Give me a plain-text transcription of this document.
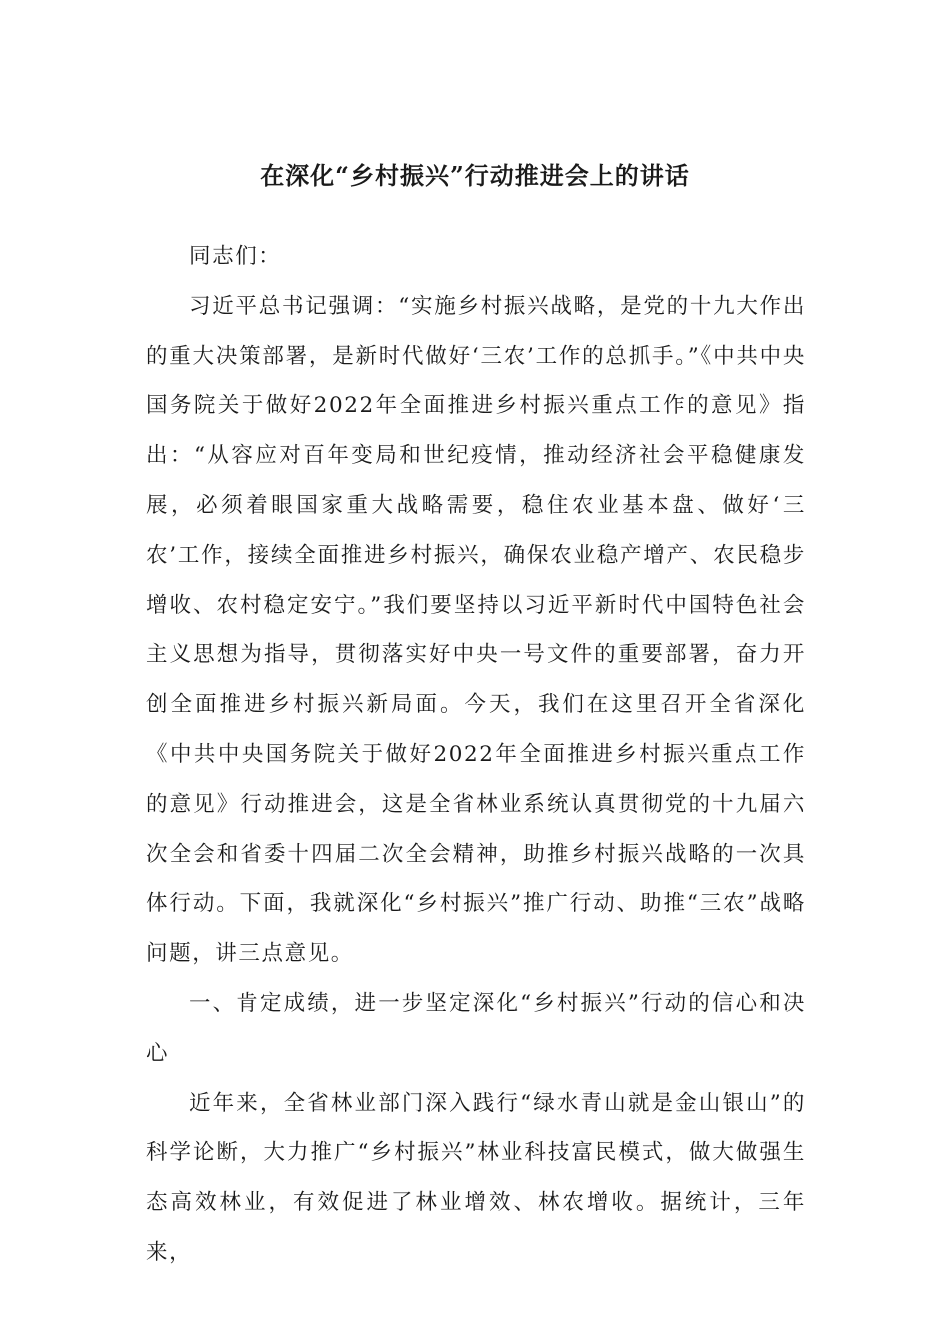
在深化“乡村振兴”行动推进会上的讲话

同志们：

习近平总书记强调：“实施乡村振兴战略，是党的十九大作出的重大决策部署，是新时代做好‘三农’工作的总抓手。”《中共中央国务院关于做好2022年全面推进乡村振兴重点工作的意见》指出：“从容应对百年变局和世纪疫情，推动经济社会平稳健康发展，必须着眼国家重大战略需要，稳住农业基本盘、做好‘三农’工作，接续全面推进乡村振兴，确保农业稳产增产、农民稳步增收、农村稳定安宁。”我们要坚持以习近平新时代中国特色社会主义思想为指导，贯彻落实好中央一号文件的重要部署，奋力开创全面推进乡村振兴新局面。今天，我们在这里召开全省深化《中共中央国务院关于做好2022年全面推进乡村振兴重点工作的意见》行动推进会，这是全省林业系统认真贯彻党的十九届六次全会和省委十四届二次全会精神，助推乡村振兴战略的一次具体行动。下面，我就深化“乡村振兴”推广行动、助推“三农”战略问题，讲三点意见。

一、肯定成绩，进一步坚定深化“乡村振兴”行动的信心和决心

近年来，全省林业部门深入践行“绿水青山就是金山银山”的科学论断，大力推广“乡村振兴”林业科技富民模式，做大做强生态高效林业，有效促进了林业增效、林农增收。据统计，三年来，
